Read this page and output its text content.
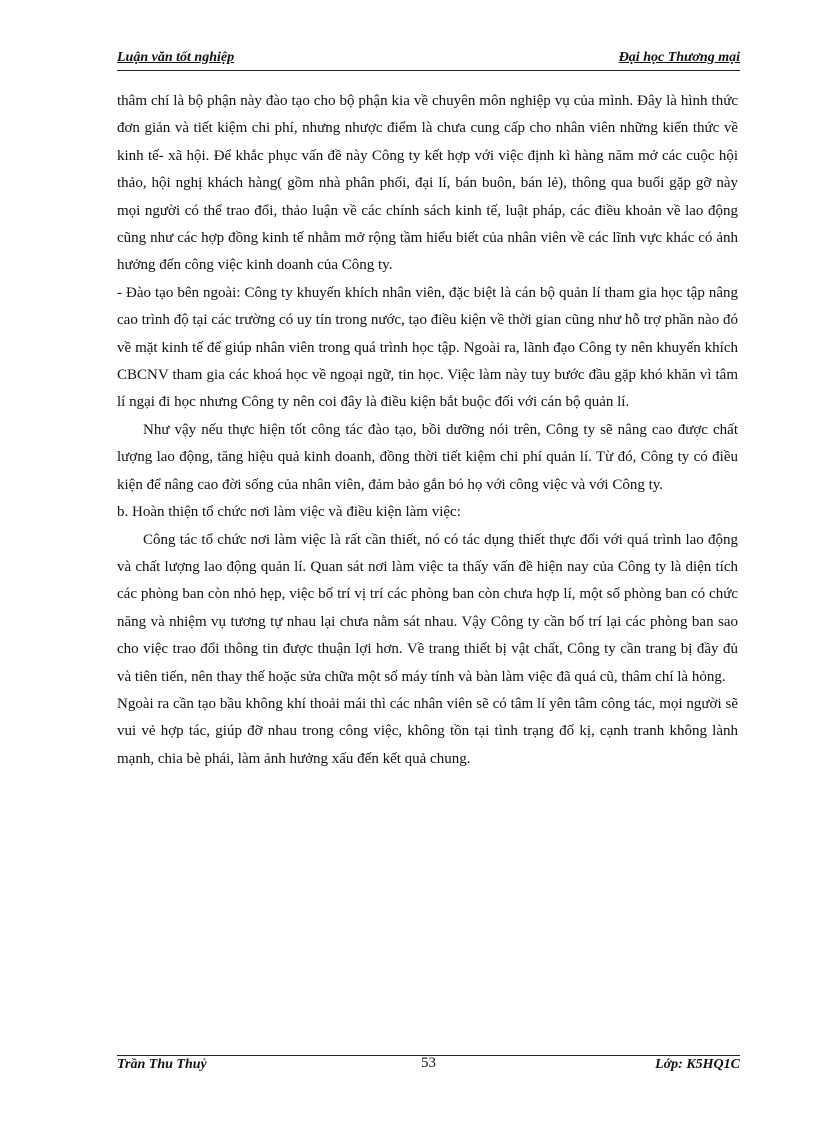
Luận văn tốt nghiệp	Đại học Thương mại

thâm chí là bộ phận này đào tạo cho bộ phận kia về chuyên môn nghiệp vụ của mình. Đây là hình thức đơn giản và tiết kiệm chi phí, nhưng nhược điểm là chưa cung cấp cho nhân viên những kiến thức về kinh tế- xã hội. Để khắc phục vấn đề này Công ty kết hợp với việc định kì hàng năm mở các cuộc hội thảo, hội nghị khách hàng( gồm nhà phân phối, đại lí, bán buôn, bán lẻ), thông qua buổi gặp gỡ này mọi người có thể trao đổi, thảo luận về các chính sách kinh tế, luật pháp, các điều khoản về lao động cũng như các hợp đồng kinh tế nhằm mở rộng tầm hiểu biết của nhân viên về các lĩnh vực khác có ảnh hưởng đến công việc kinh doanh của Công ty.

- Đào tạo bên ngoài: Công ty khuyến khích nhân viên, đặc biệt là cán bộ quản lí tham gia học tập nâng cao trình độ tại các trường có uy tín trong nước, tạo điều kiện về thời gian cũng như hỗ trợ phần nào đó về mặt kinh tế để giúp nhân viên trong quá trình học tập. Ngoài ra, lãnh đạo Công ty nên khuyến khích CBCNV tham gia các khoá học về ngoại ngữ, tin học. Việc làm này tuy bước đầu gặp khó khăn vì tâm lí ngại đi học nhưng Công ty nên coi đây là điều kiện bắt buộc đối với cán bộ quản lí.

Như vậy nếu thực hiện tốt công tác đào tạo, bồi dưỡng nói trên, Công ty sẽ nâng cao được chất lượng lao động, tăng hiệu quả kinh doanh, đồng thời tiết kiệm chi phí quản lí. Từ đó, Công ty có điều kiện để nâng cao đời sống của nhân viên, đảm bảo gắn bó họ với công việc và với Công ty.

b. Hoàn thiện tổ chức nơi làm việc và điều kiện làm việc:

Công tác tổ chức nơi làm việc là rất cần thiết, nó có tác dụng thiết thực đối với quá trình lao động và chất lượng lao động quản lí. Quan sát nơi làm việc ta thấy vấn đề hiện nay của Công ty là diện tích các phòng ban còn nhỏ hẹp, việc bố trí vị trí các phòng ban còn chưa hợp lí, một số phòng ban có chức năng và nhiệm vụ tương tự nhau lại chưa nằm sát nhau. Vậy Công ty cần bố trí lại các phòng ban sao cho việc trao đổi thông tin được thuận lợi hơn. Về trang thiết bị vật chất, Công ty cần trang bị đầy đủ và tiên tiến, nên thay thế hoặc sửa chữa một số máy tính và bàn làm việc đã quá cũ, thâm chí là hỏng.

Ngoài ra cần tạo bầu không khí thoải mái thì các nhân viên sẽ có tâm lí yên tâm công tác, mọi người sẽ vui vẻ hợp tác, giúp đỡ nhau trong công việc, không tồn tại tình trạng đố kị, cạnh tranh không lành mạnh, chia bè phái, làm ảnh hưởng xấu đến kết quả chung.

Trần Thu Thuỷ	53	Lớp: K5HQ1C
